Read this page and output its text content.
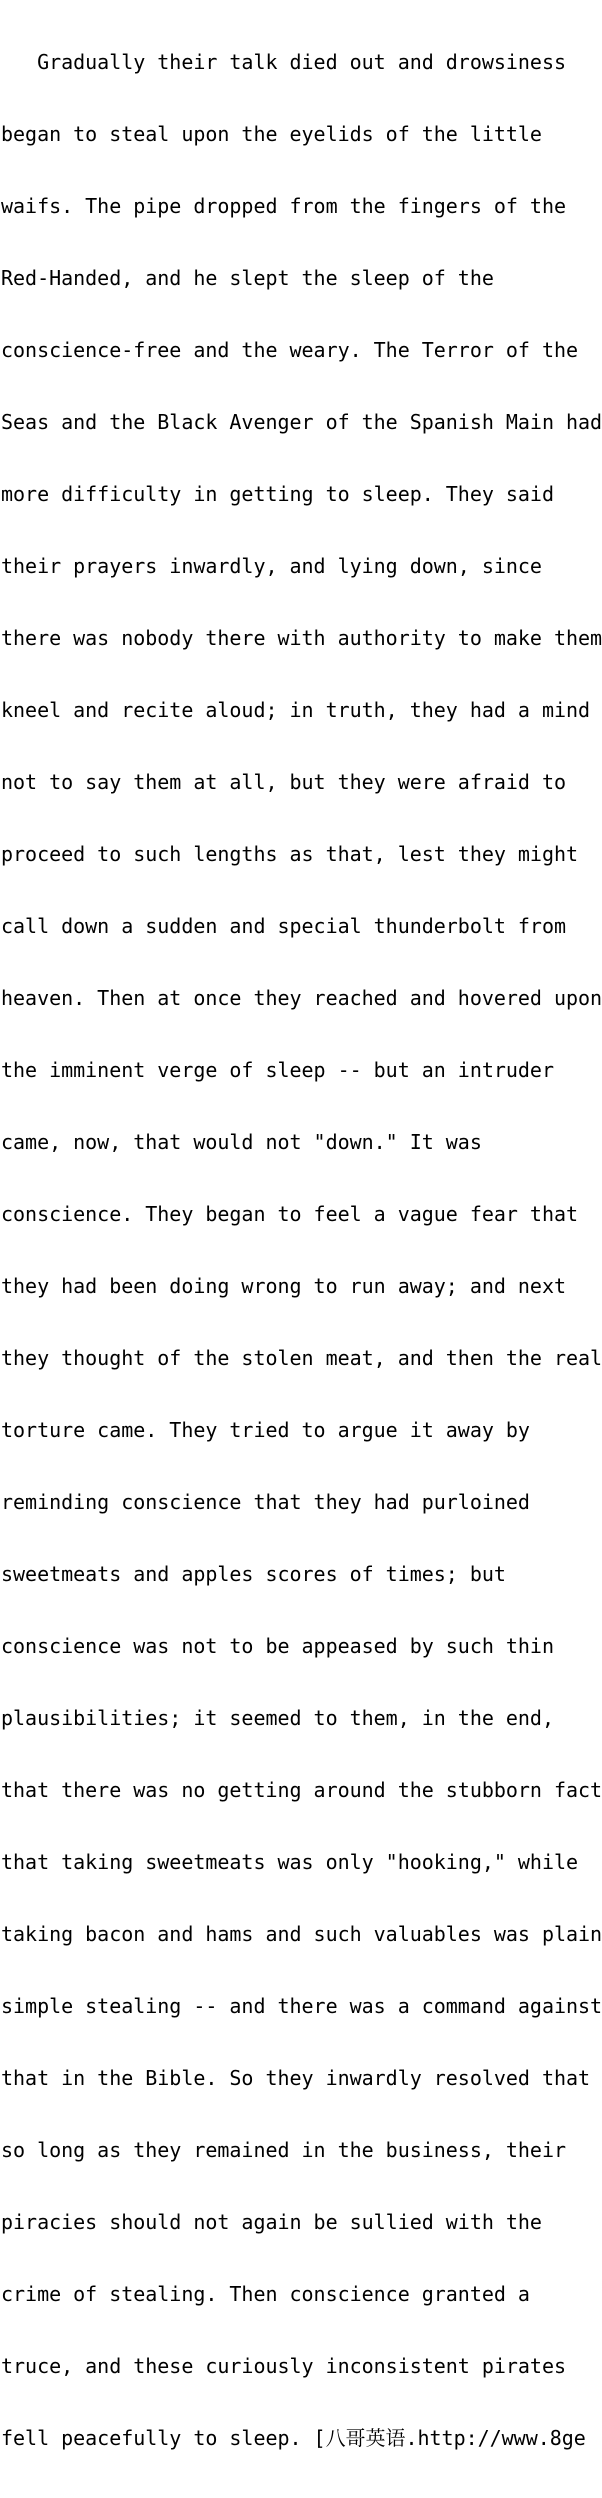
Gradually their talk died out and drowsiness

began to steal upon the eyelids of the little

waifs. The pipe dropped from the fingers of the

Red-Handed, and he slept the sleep of the

conscience-free and the weary. The Terror of the

Seas and the Black Avenger of the Spanish Main had

more difficulty in getting to sleep. They said

their prayers inwardly, and lying down, since

there was nobody there with authority to make them

kneel and recite aloud; in truth, they had a mind

not to say them at all, but they were afraid to

proceed to such lengths as that, lest they might

call down a sudden and special thunderbolt from

heaven. Then at once they reached and hovered upon

the imminent verge of sleep -- but an intruder

came, now, that would not "down." It was

conscience. They began to feel a vague fear that

they had been doing wrong to run away; and next

they thought of the stolen meat, and then the real

torture came. They tried to argue it away by

reminding conscience that they had purloined

sweetmeats and apples scores of times; but

conscience was not to be appeased by such thin

plausibilities; it seemed to them, in the end,

that there was no getting around the stubborn fact

that taking sweetmeats was only "hooking," while

taking bacon and hams and such valuables was plain

simple stealing -- and there was a command against

that in the Bible. So they inwardly resolved that

so long as they remained in the business, their

piracies should not again be sullied with the

crime of stealing. Then conscience granted a

truce, and these curiously inconsistent pirates

fell peacefully to sleep. [八哥英语.http://www.8ge
